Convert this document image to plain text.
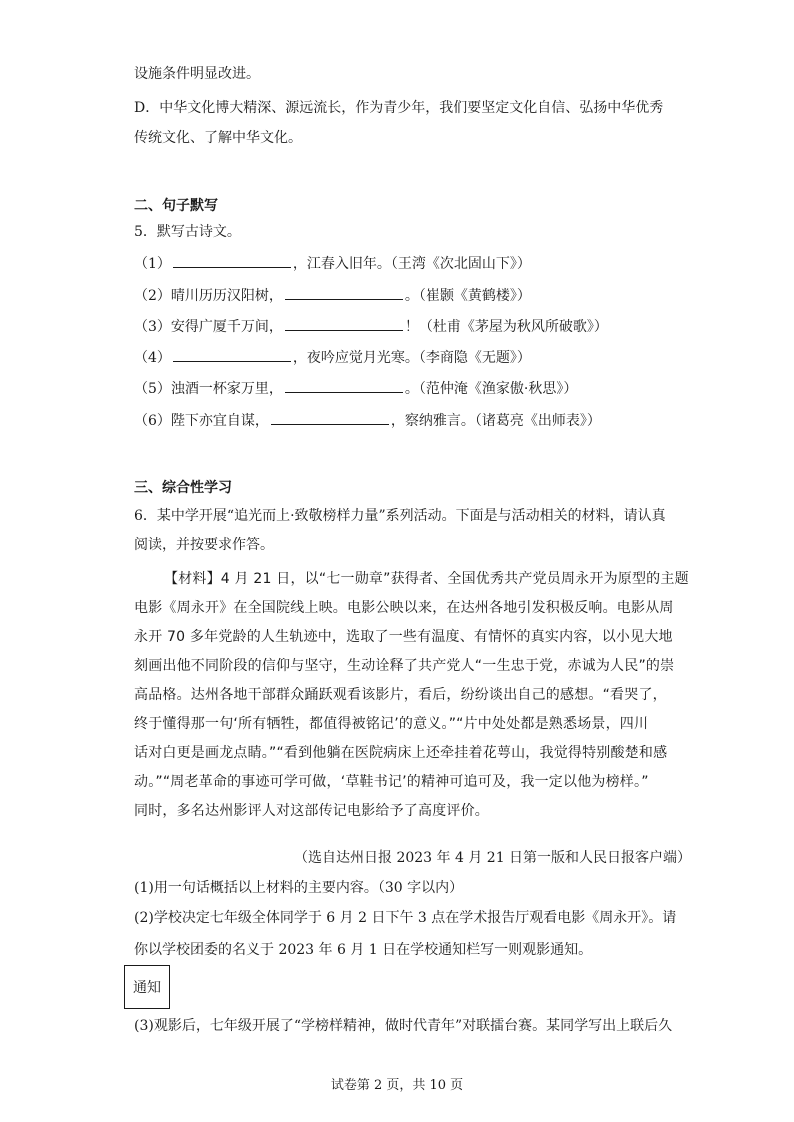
设施条件明显改进。
D．中华文化博大精深、源远流长，作为青少年，我们要坚定文化自信、弘扬中华优秀
传统文化、了解中华文化。
二、句子默写
5．默写古诗文。
（1）	，江春入旧年。（王湾《次北固山下》）
（2）晴川历历汉阳树，	。（崔颢《黄鹤楼》）
（3）安得广厦千万间，	！（杜甫《茅屋为秋风所破歌》）
（4）	，夜吟应觉月光寒。（李商隐《无题》）
（5）浊酒一杯家万里，	。（范仲淹《渔家傲·秋思》）
（6）陛下亦宜自谋，	，察纳雅言。（诸葛亮《出师表》）
三、综合性学习
6．某中学开展“追光而上·致敬榜样力量”系列活动。下面是与活动相关的材料，请认真
阅读，并按要求作答。
【材料】4 月 21 日，以“七一勋章”获得者、全国优秀共产党员周永开为原型的主题
电影《周永开》在全国院线上映。电影公映以来，在达州各地引发积极反响。电影从周
永开 70 多年党龄的人生轨迹中，选取了一些有温度、有情怀的真实内容，以小见大地
刻画出他不同阶段的信仰与坚守，生动诠释了共产党人“一生忠于党，赤诚为人民”的崇
高品格。达州各地干部群众踊跃观看该影片，看后，纷纷谈出自己的感想。“看哭了，
终于懂得那一句‘所有牺牲，都值得被铭记’的意义。”“片中处处都是熟悉场景，四川
话对白更是画龙点睛。”“看到他躺在医院病床上还牵挂着花萼山，我觉得特别酸楚和感
动。”“周老革命的事迹可学可做，‘草鞋书记’的精神可追可及，我一定以他为榜样。”
同时，多名达州影评人对这部传记电影给予了高度评价。
（选自达州日报 2023 年 4 月 21 日第一版和人民日报客户端）
(1)用一句话概括以上材料的主要内容。（30 字以内）
(2)学校决定七年级全体同学于 6 月 2 日下午 3 点在学术报告厅观看电影《周永开》。请
你以学校团委的名义于 2023 年 6 月 1 日在学校通知栏写一则观影通知。
通知
(3)观影后，七年级开展了“学榜样精神，做时代青年”对联擂台赛。某同学写出上联后久
试卷第 2 页，共 10 页
